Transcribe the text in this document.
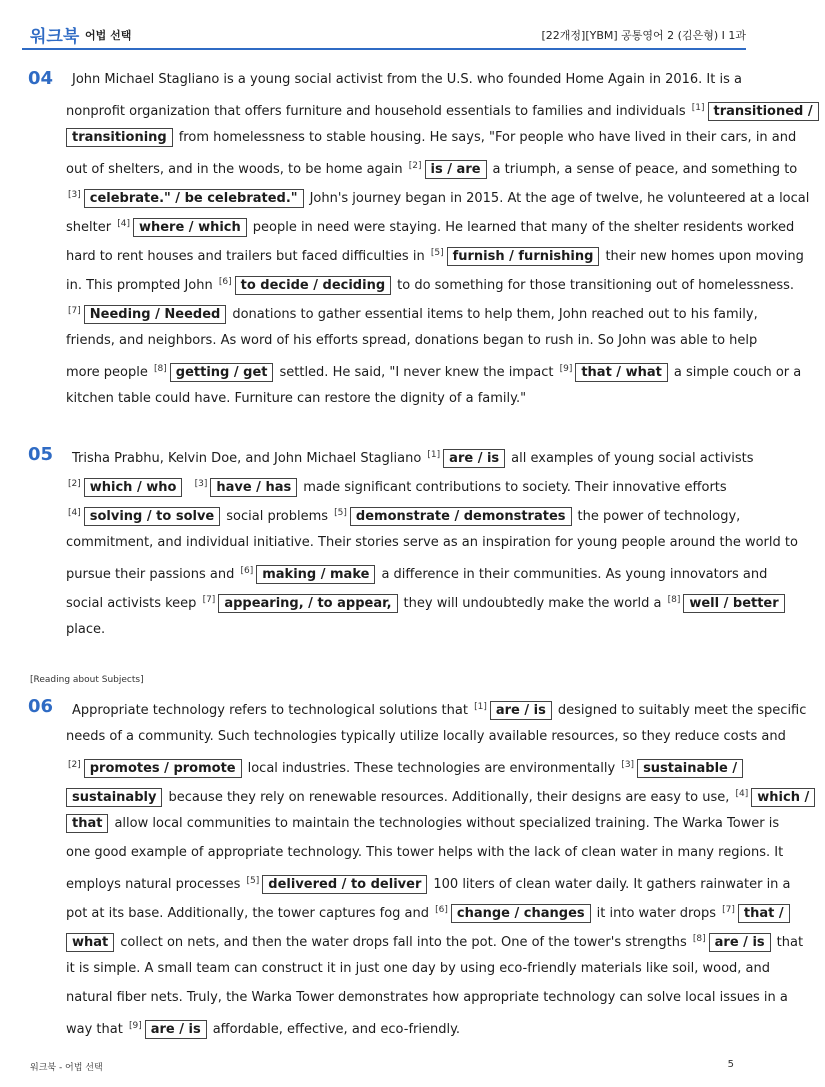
워크북 어법 선택	[22개정][YBM] 공통영어 2 (김은형) I 1과
04	John Michael Stagliano is a young social activist from the U.S. who founded Home Again in 2016. It is a
nonprofit organization that offers furniture and household essentials to families and individuals [1] transitioned /
transitioning from homelessness to stable housing. He says, "For people who have lived in their cars, in and
out of shelters, and in the woods, to be home again [2] is / are a triumph, a sense of peace, and something to
[3] celebrate." / be celebrated." John's journey began in 2015. At the age of twelve, he volunteered at a local
shelter [4] where / which people in need were staying. He learned that many of the shelter residents worked
hard to rent houses and trailers but faced difficulties in [5] furnish / furnishing their new homes upon moving
in. This prompted John [6] to decide / deciding to do something for those transitioning out of homelessness.
[7] Needing / Needed donations to gather essential items to help them, John reached out to his family,
friends, and neighbors. As word of his efforts spread, donations began to rush in. So John was able to help
more people [8] getting / get settled. He said, "I never knew the impact [9] that / what a simple couch or a
kitchen table could have. Furniture can restore the dignity of a family."
05	Trisha Prabhu, Kelvin Doe, and John Michael Stagliano [1] are / is all examples of young social activists
[2] which / who [3] have / has made significant contributions to society. Their innovative efforts
[4] solving / to solve social problems [5] demonstrate / demonstrates the power of technology,
commitment, and individual initiative. Their stories serve as an inspiration for young people around the world to
pursue their passions and [6] making / make a difference in their communities. As young innovators and
social activists keep [7] appearing, / to appear, they will undoubtedly make the world a [8] well / better
place.
[Reading about Subjects]
06	Appropriate technology refers to technological solutions that [1] are / is designed to suitably meet the specific
needs of a community. Such technologies typically utilize locally available resources, so they reduce costs and
[2] promotes / promote local industries. These technologies are environmentally [3] sustainable /
sustainably because they rely on renewable resources. Additionally, their designs are easy to use, [4] which /
that allow local communities to maintain the technologies without specialized training. The Warka Tower is
one good example of appropriate technology. This tower helps with the lack of clean water in many regions. It
employs natural processes [5] delivered / to deliver 100 liters of clean water daily. It gathers rainwater in a
pot at its base. Additionally, the tower captures fog and [6] change / changes it into water drops [7] that /
what collect on nets, and then the water drops fall into the pot. One of the tower's strengths [8] are / is that
it is simple. A small team can construct it in just one day by using eco-friendly materials like soil, wood, and
natural fiber nets. Truly, the Warka Tower demonstrates how appropriate technology can solve local issues in a
way that [9] are / is affordable, effective, and eco-friendly.
워크북 - 어법 선택	5
